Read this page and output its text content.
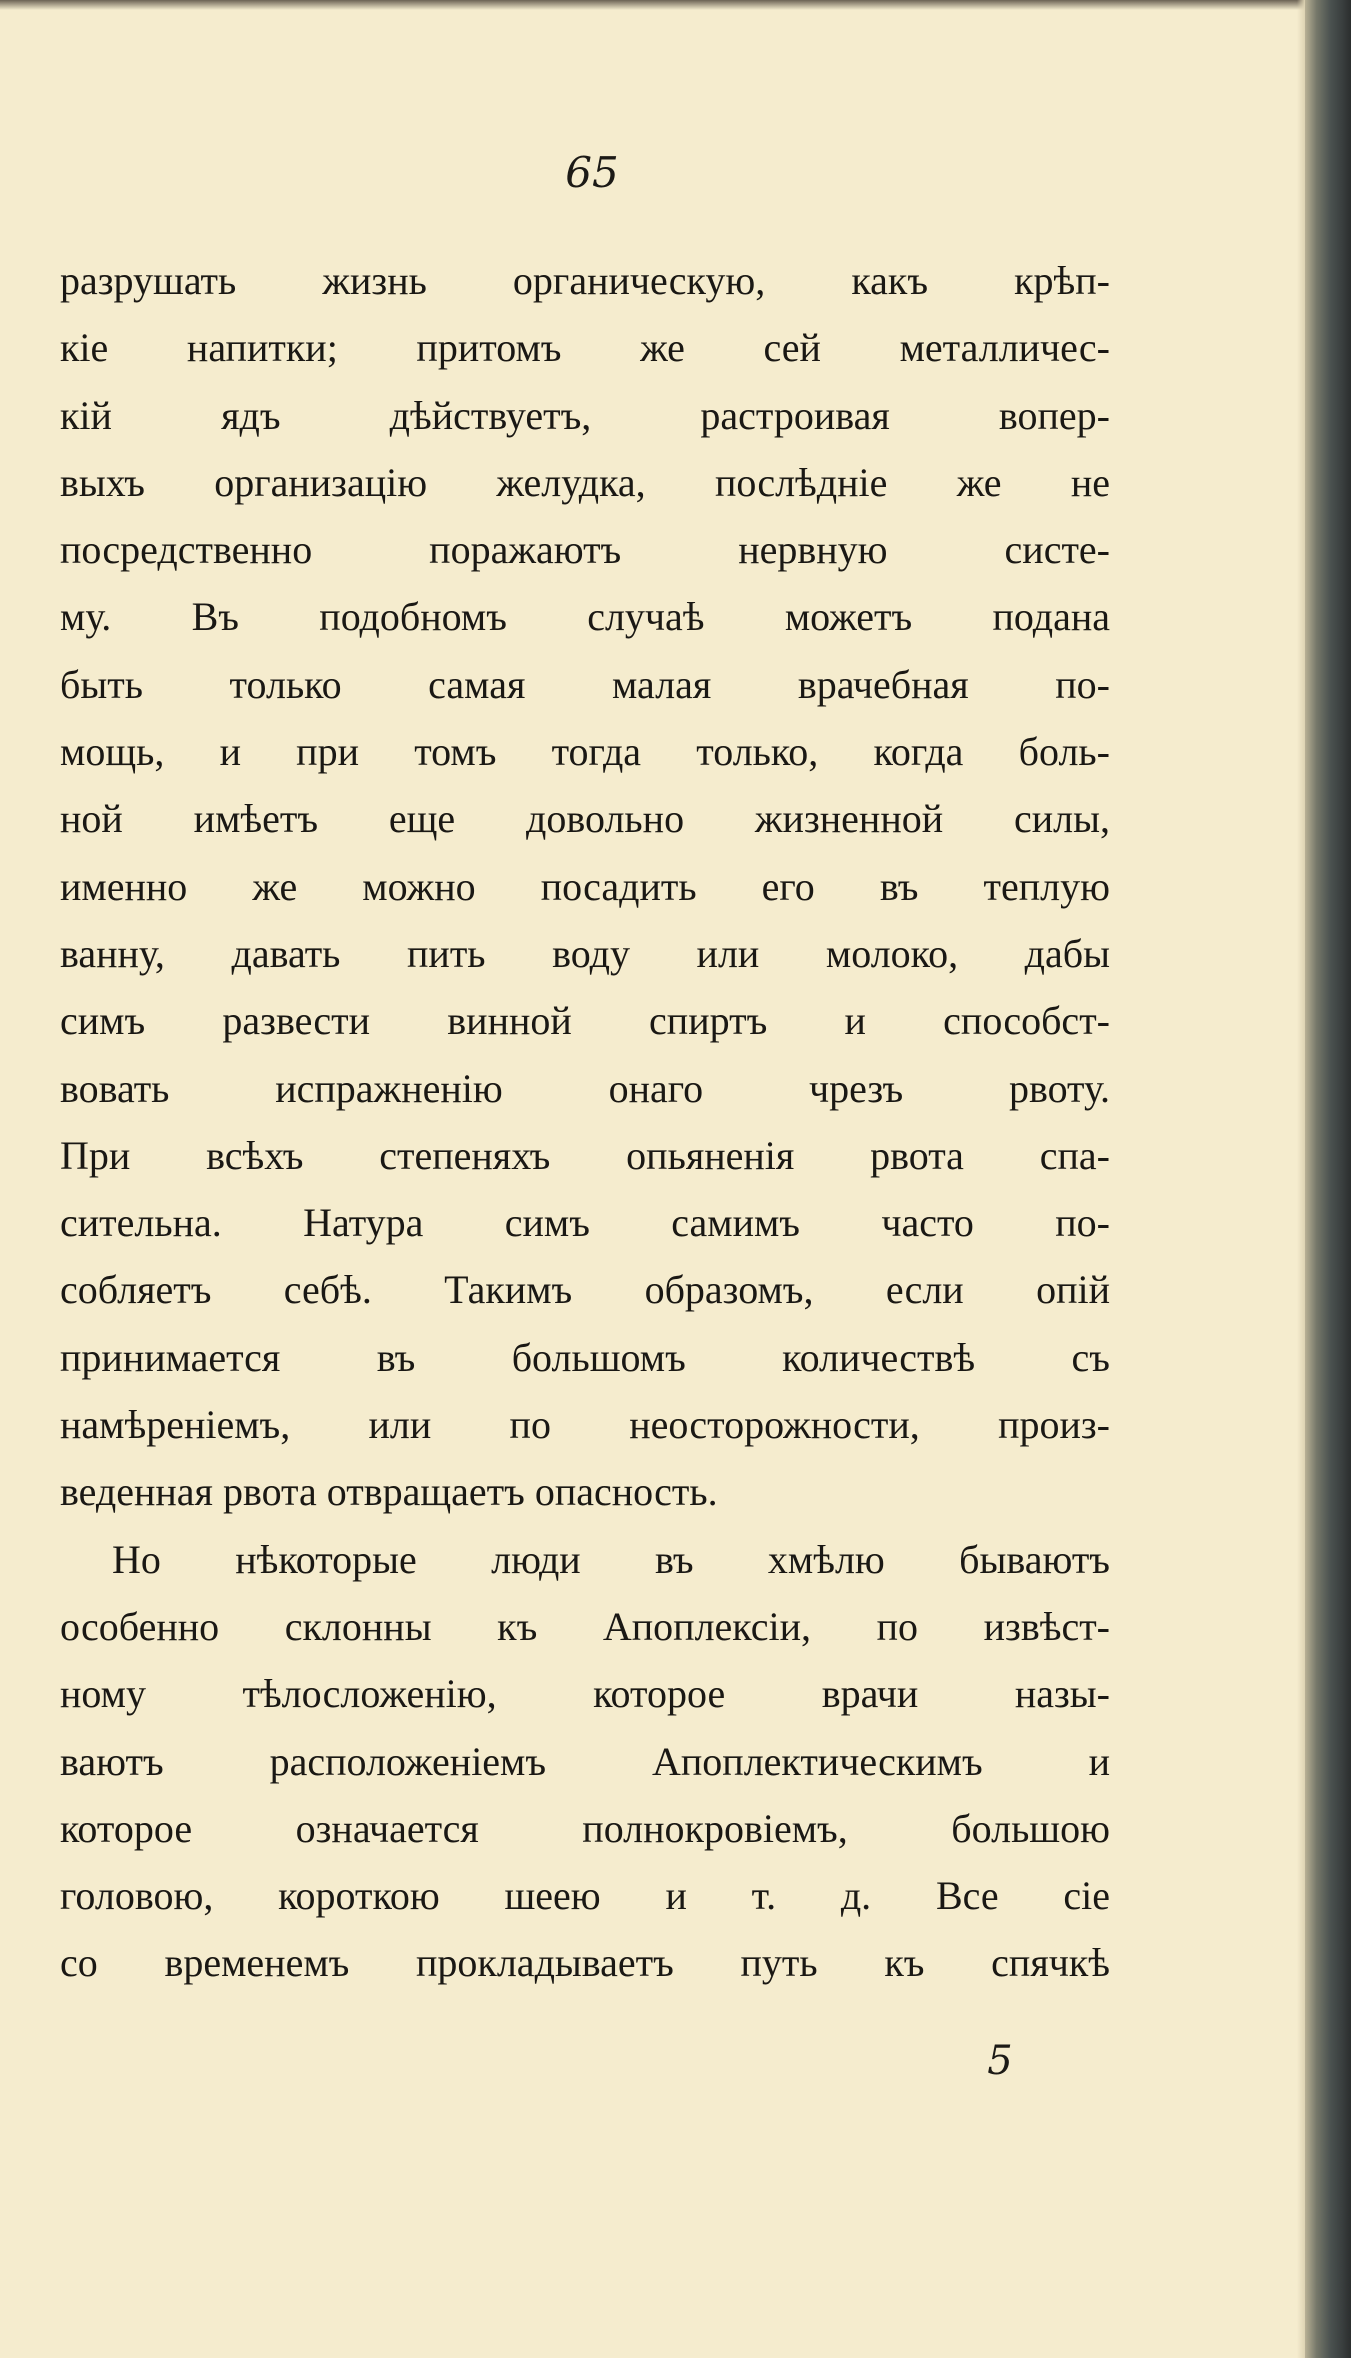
65
разрушать жизнь органическую, какъ крѣп-
кіе напитки; притомъ же сей металличес-
кій ядъ дѣйствуетъ, растроивая вопер-
выхъ организацію желудка, послѣдніе же не
посредственно поражаютъ нервную систе-
му. Въ подобномъ случаѣ можетъ подана
быть только самая малая врачебная по-
мощь, и при томъ тогда только, когда боль-
ной имѣетъ еще довольно жизненной силы,
именно же можно посадить его въ теплую
ванну, давать пить воду или молоко, дабы
симъ развести винной спиртъ и способст-
вовать испражненію онаго чрезъ рвоту.
При всѣхъ степеняхъ опьяненія рвота спа-
сительна. Натура симъ самимъ часто по-
собляетъ себѣ. Такимъ образомъ, если опій
принимается въ большомъ количествѣ съ
намѣреніемъ, или по неосторожности, произ-
веденная рвота отвращаетъ опасность.
Но нѣкоторые люди въ хмѣлю бываютъ
особенно склонны къ Апоплексіи, по извѣст-
ному тѣлосложенію, которое врачи назы-
ваютъ расположеніемъ Апоплектическимъ и
которое означается полнокровіемъ, большою
головою, короткою шеею и т. д. Все сіе
со временемъ прокладываетъ путь къ спячкѣ
5
